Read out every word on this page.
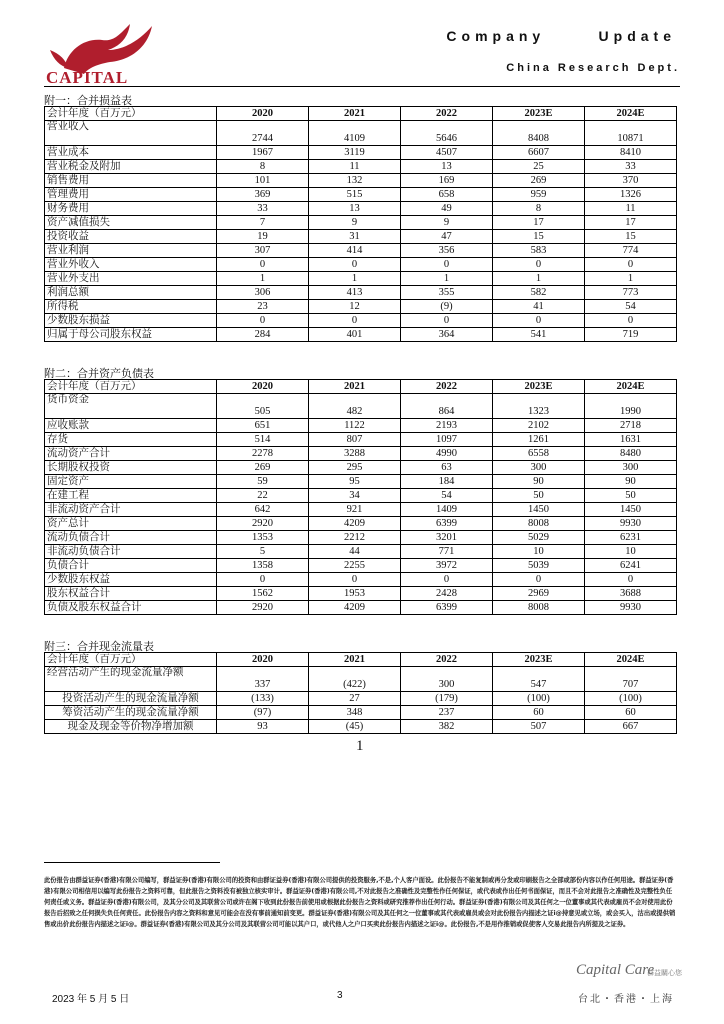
CAPITAL
Company      Update
China Research Dept.
附一：合并损益表
会计年度（百万元）	2020	2021	2022	2023E	2024E
营业收入	2744	4109	5646	8408	10871
营业成本	1967	3119	4507	6607	8410
营业税金及附加	8	11	13	25	33
销售费用	101	132	169	269	370
管理费用	369	515	658	959	1326
财务费用	33	13	49	8	11
资产减值损失	7	9	9	17	17
投资收益	19	31	47	15	15
营业利润	307	414	356	583	774
营业外收入	0	0	0	0	0
营业外支出	1	1	1	1	1
利润总额	306	413	355	582	773
所得税	23	12	(9)	41	54
少数股东损益	0	0	0	0	0
归属于母公司股东权益	284	401	364	541	719
附二：合并资产负债表
会计年度（百万元）	2020	2021	2022	2023E	2024E
货币资金	505	482	864	1323	1990
应收账款	651	1122	2193	2102	2718
存货	514	807	1097	1261	1631
流动资产合计	2278	3288	4990	6558	8480
长期股权投资	269	295	63	300	300
固定资产	59	95	184	90	90
在建工程	22	34	54	50	50
非流动资产合计	642	921	1409	1450	1450
资产总计	2920	4209	6399	8008	9930
流动负债合计	1353	2212	3201	5029	6231
非流动负债合计	5	44	771	10	10
负债合计	1358	2255	3972	5039	6241
少数股东权益	0	0	0	0	0
股东权益合计	1562	1953	2428	2969	3688
负债及股东权益合计	2920	4209	6399	8008	9930
附三：合并现金流量表
会计年度（百万元）	2020	2021	2022	2023E	2024E
经营活动产生的现金流量净额	337	(422)	300	547	707
投资活动产生的现金流量净额	(133)	27	(179)	(100)	(100)
筹资活动产生的现金流量净额	(97)	348	237	60	60
现金及现金等价物净增加额	93	(45)	382	507	667
1
此份报告由群益证券(香港)有限公司编写，群益证券(香港)有限公司的投资和由群证益券(香港)有限公司提供的投资服务,不是,个人客户面设。此份报告不能复制或再分发或印刷报告之全部或部份内容以作任何用途。群益证券(香港)有限公司相信用以编写此份报告之资料可靠，但此报告之资料没有被独立核实审计。群益证券(香港)有限公司,不对此报告之准确性及完整性作任何保证，或代表或作出任何书面保证，而且不会对此报告之准确性及完整性负任何责任或义务。群益证券(香港)有限公司，及其分公司及其联营公司或许在阁下收到此份报告前使用或根据此份报告之资料或研究推荐作出任何行动。群益证券(香港)有限公司及其任何之一位董事或其代表或雇员不会对使用此份报告后招致之任何损失负任何责任。此份报告内容之资料和意见可能会在没有事前通知前变更。群益证券(香港)有限公司及其任何之一位董事或其代表或雇员或会对此份报告内描述之证i@持意见或立场，或会买入，沽出或提供销售或出价此份报告内描述之证i@。群益证券(香港)有限公司及其分公司及其联营公司可能以其户口，或代他人之户口买卖此份报告内描述之证i@。此份报告,不是用作推销或促使客人交易此报告内所提及之证券。
Capital Care
群益關心您
2023 年 5 月 5 日	3	台北・香港・上海
